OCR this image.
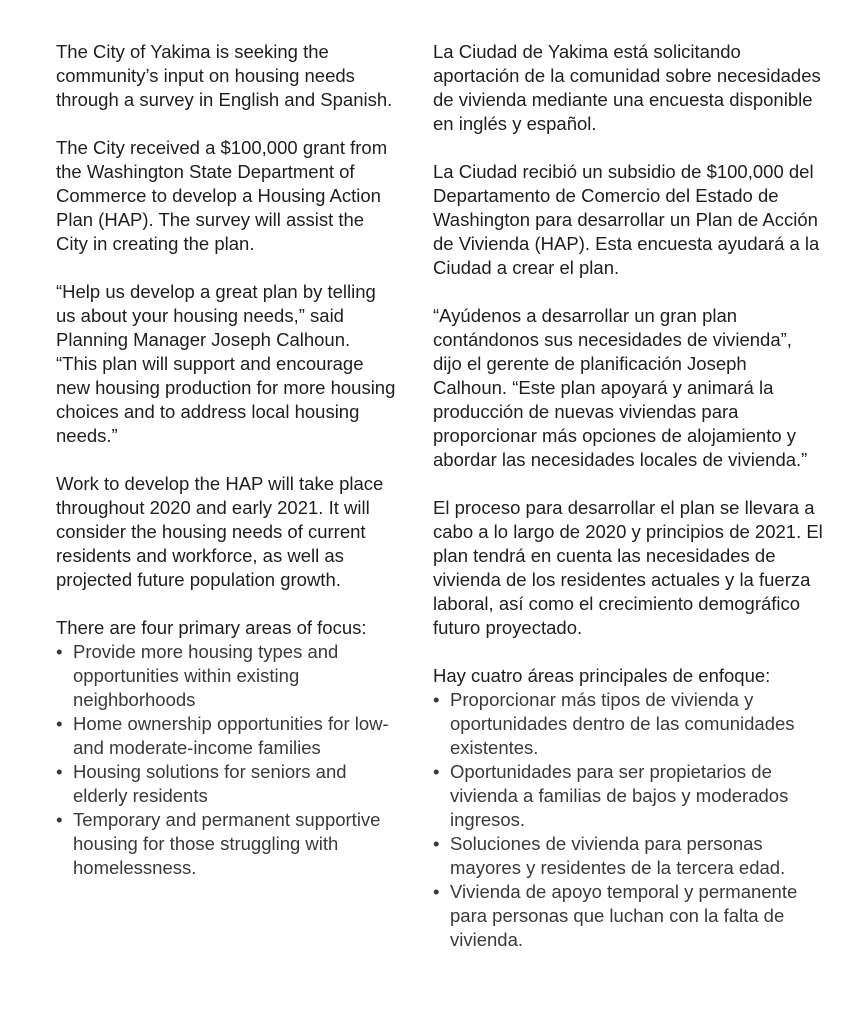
The City of Yakima is seeking the community’s input on housing needs through a survey in English and Spanish.

The City received a $100,000 grant from the Washington State Department of Commerce to develop a Housing Action Plan (HAP). The survey will assist the City in creating the plan.

“Help us develop a great plan by telling us about your housing needs,” said Planning Manager Joseph Calhoun. “This plan will support and encourage new housing production for more housing choices and to address local housing needs.”

Work to develop the HAP will take place throughout 2020 and early 2021. It will consider the housing needs of current residents and workforce, as well as projected future population growth.

There are four primary areas of focus:
• Provide more housing types and opportunities within existing neighborhoods
• Home ownership opportunities for low- and moderate-income families
• Housing solutions for seniors and elderly residents
• Temporary and permanent supportive housing for those struggling with homelessness.

La Ciudad de Yakima está solicitando aportación de la comunidad sobre necesidades de vivienda mediante una encuesta disponible en inglés y español.

La Ciudad recibió un subsidio de $100,000 del Departamento de Comercio del Estado de Washington para desarrollar un Plan de Acción de Vivienda (HAP). Esta encuesta ayudará a la Ciudad a crear el plan.

“Ayúdenos a desarrollar un gran plan contándonos sus necesidades de vivienda”, dijo el gerente de planificación Joseph Calhoun. “Este plan apoyará y animará la producción de nuevas viviendas para proporcionar más opciones de alojamiento y abordar las necesidades locales de vivienda.”

El proceso para desarrollar el plan se llevara a cabo a lo largo de 2020 y principios de 2021. El plan tendrá en cuenta las necesidades de vivienda de los residentes actuales y la fuerza laboral, así como el crecimiento demográfico futuro proyectado.

Hay cuatro áreas principales de enfoque:
• Proporcionar más tipos de vivienda y oportunidades dentro de las comunidades existentes.
• Oportunidades para ser propietarios de vivienda a familias de bajos y moderados ingresos.
• Soluciones de vivienda para personas mayores y residentes de la tercera edad.
• Vivienda de apoyo temporal y permanente para personas que luchan con la falta de vivienda.
